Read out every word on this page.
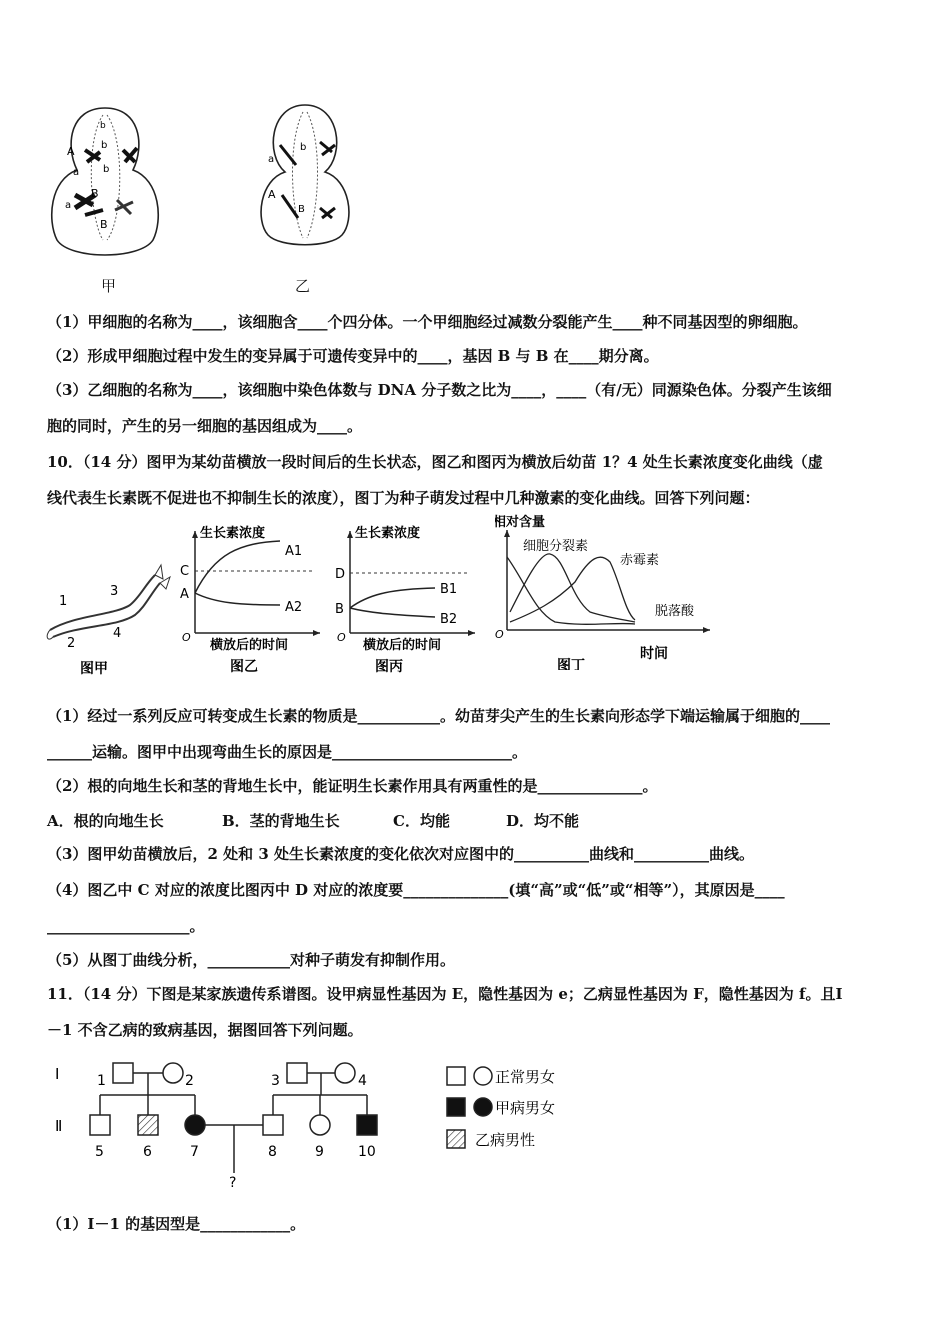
b
A
a
b
b
B
a
B
甲
a
b
A
B
乙
（1）甲细胞的名称为____，该细胞含____个四分体。一个甲细胞经过减数分裂能产生____种不同基因型的卵细胞。
（2）形成甲细胞过程中发生的变异属于可遗传变异中的____，基因 B 与 B 在____期分离。
（3）乙细胞的名称为____，该细胞中染色体数与 DNA 分子数之比为____，____（有/无）同源染色体。分裂产生该细
胞的同时，产生的另一细胞的基因组成为____。
10．（14 分）图甲为某幼苗横放一段时间后的生长状态，图乙和图丙为横放后幼苗 1？4 处生长素浓度变化曲线（虚
线代表生长素既不促进也不抑制生长的浓度），图丁为种子萌发过程中几种激素的变化曲线。回答下列问题：
1
2
3
4
图甲
生长素浓度
C
A
A1
A2
O
横放后的时间
图乙
生长素浓度
D
B
B1
B2
O
横放后的时间
图丙
相对含量
细胞分裂素
赤霉素
脱落酸
O
时间
图丁
（1）经过一系列反应可转变成生长素的物质是___________。幼苗芽尖产生的生长素向形态学下端运输属于细胞的____
______运输。图甲中出现弯曲生长的原因是________________________。
（2）根的向地生长和茎的背地生长中，能证明生长素作用具有两重性的是______________。
A．根的向地生长	B．茎的背地生长	C．均能	D．均不能
（3）图甲幼苗横放后，2 处和 3 处生长素浓度的变化依次对应图中的__________曲线和__________曲线。
（4）图乙中 C 对应的浓度比图丙中 D 对应的浓度要______________(填“高”或“低”或“相等”），其原因是____
___________________。
（5）从图丁曲线分析，___________对种子萌发有抑制作用。
11．（14 分）下图是某家族遗传系谱图。设甲病显性基因为 E，隐性基因为 e；乙病显性基因为 F，隐性基因为 f。且Ⅰ
－1 不含乙病的致病基因，据图回答下列问题。
Ⅰ
Ⅱ
1	2	3	4
5	6	7	8	9 10
?
正常男女
甲病男女
乙病男性
（1）Ⅰ－1 的基因型是____________。
